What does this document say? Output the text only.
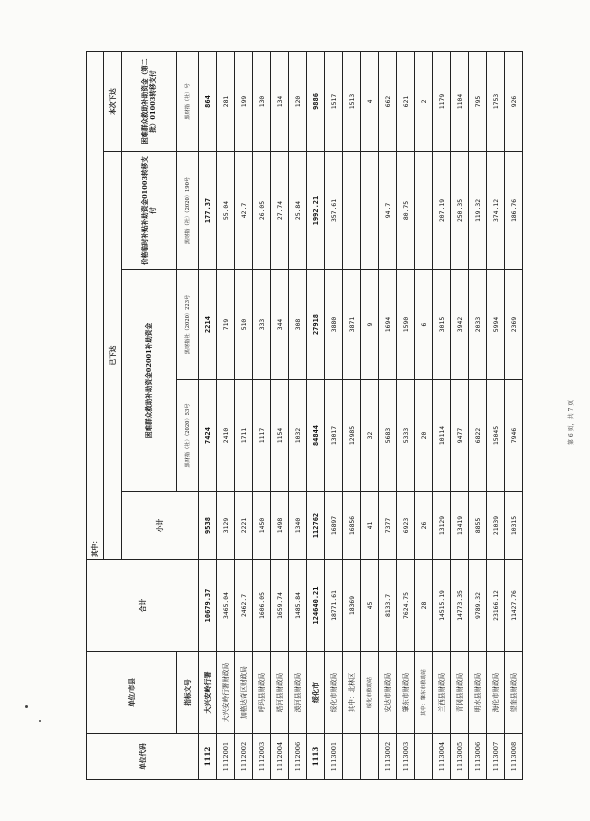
单位代码	单位/市县	合计	其中：				
			已下达				本次下达
			小计	困难群众救助补助资金02001补助资金		价格临时补贴补助资金01003转移支付	困难群众救助补助资金（第二批）01003转移支付
	指标文号			黑财指（社）（2020）53号	黑财指社（2020）223号	黑财指（社）（2020）190号	黑财指（社）号
1112	大兴安岭行署	10679.37	9538	7424	2214	177.37	864
1112001	大兴安岭行署财政局	3465.04	3129	2410	719	55.04	281
1112002	加格达奇区财政局	2462.7	2221	1711	510	42.7	199
1112003	呼玛县财政局	1606.05	1450	1117	333	26.05	130
1112004	塔河县财政局	1659.74	1498	1154	344	27.74	134
1112006	漠河县财政局	1485.84	1340	1032	308	25.84	120
1113	绥化市	124640.21	112762	84844	27918	1992.21	9886
1113001	绥化市财政局	18771.61	16897	13017	3880	357.61	1517
	其中：北林区	18369	16856	12985	3871		1513
	绥化市救助站	45	41	32	9		4
1113002	安达市财政局	8133.7	7377	5683	1694	94.7	662
1113003	肇东市财政局	7624.75	6923	5333	1590	80.75	621
	其中：肇东市救助站	28	26	20	6		2
1113004	兰西县财政局	14515.19	13129	10114	3015	207.19	1179
1113005	青冈县财政局	14773.35	13419	9477	3942	250.35	1104
1113006	明水县财政局	9789.32	8855	6822	2033	119.32	795
1113007	海伦市财政局	23166.12	21039	15045	5994	374.12	1753
1113008	望奎县财政局	11427.76	10315	7946	2369	186.76	926
第 6 页，共 7 页
